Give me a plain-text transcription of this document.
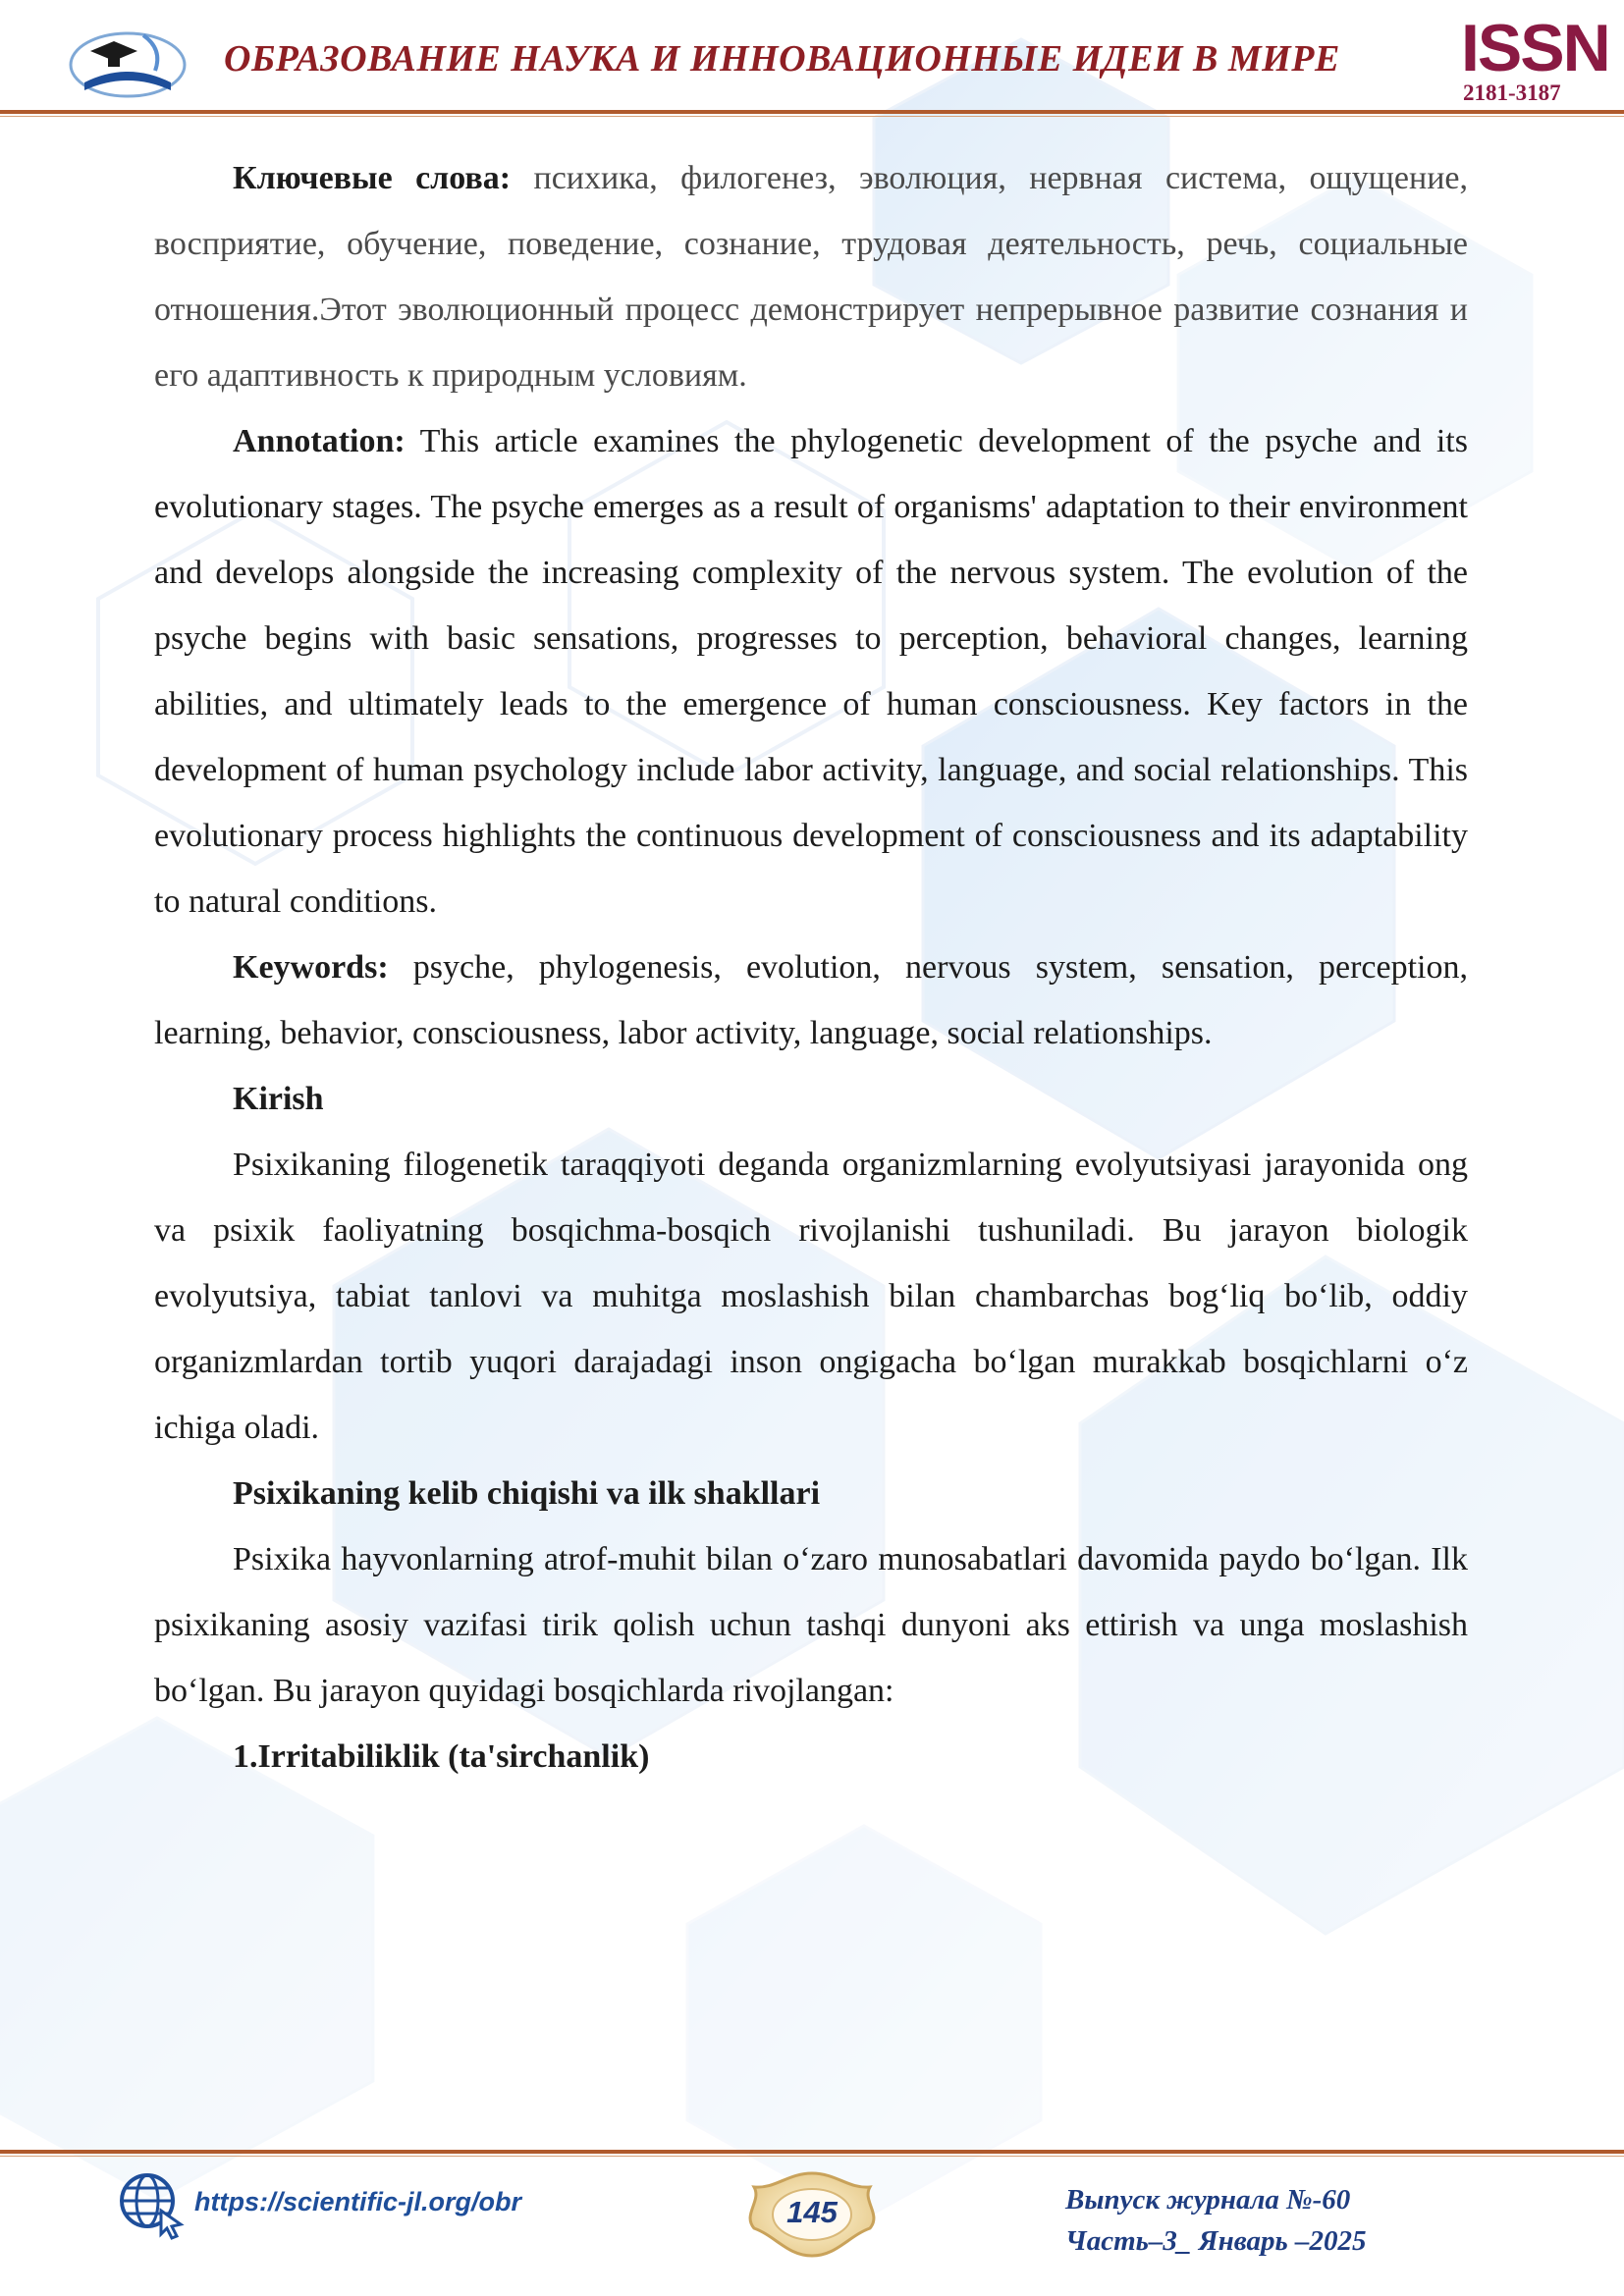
ОБРАЗОВАНИЕ НАУКА И ИННОВАЦИОННЫЕ ИДЕИ В МИРЕ	ISSN
2181-3187

Ключевые слова: психика, филогенез, эволюция, нервная система, ощущение, восприятие, обучение, поведение, сознание, трудовая деятельность, речь, социальные отношения.Этот эволюционный процесс демонстрирует непрерывное развитие сознания и его адаптивность к природным условиям.

Annotation: This article examines the phylogenetic development of the psyche and its evolutionary stages. The psyche emerges as a result of organisms' adaptation to their environment and develops alongside the increasing complexity of the nervous system. The evolution of the psyche begins with basic sensations, progresses to perception, behavioral changes, learning abilities, and ultimately leads to the emergence of human consciousness. Key factors in the development of human psychology include labor activity, language, and social relationships. This evolutionary process highlights the continuous development of consciousness and its adaptability to natural conditions.

Keywords: psyche, phylogenesis, evolution, nervous system, sensation, perception, learning, behavior, consciousness, labor activity, language, social relationships.

Kirish

Psixikaning filogenetik taraqqiyoti deganda organizmlarning evolyutsiyasi jarayonida ong va psixik faoliyatning bosqichma-bosqich rivojlanishi tushuniladi. Bu jarayon biologik evolyutsiya, tabiat tanlovi va muhitga moslashish bilan chambarchas bog‘liq bo‘lib, oddiy organizmlardan tortib yuqori darajadagi inson ongigacha bo‘lgan murakkab bosqichlarni o‘z ichiga oladi.

Psixikaning kelib chiqishi va ilk shakllari

Psixika hayvonlarning atrof-muhit bilan o‘zaro munosabatlari davomida paydo bo‘lgan. Ilk psixikaning asosiy vazifasi tirik qolish uchun tashqi dunyoni aks ettirish va unga moslashish bo‘lgan. Bu jarayon quyidagi bosqichlarda rivojlangan:

1.Irritabiliklik (ta'sirchanlik)

https://scientific-jl.org/obr	145	Выпуск журнала №-60
Часть–3_ Январь –2025
